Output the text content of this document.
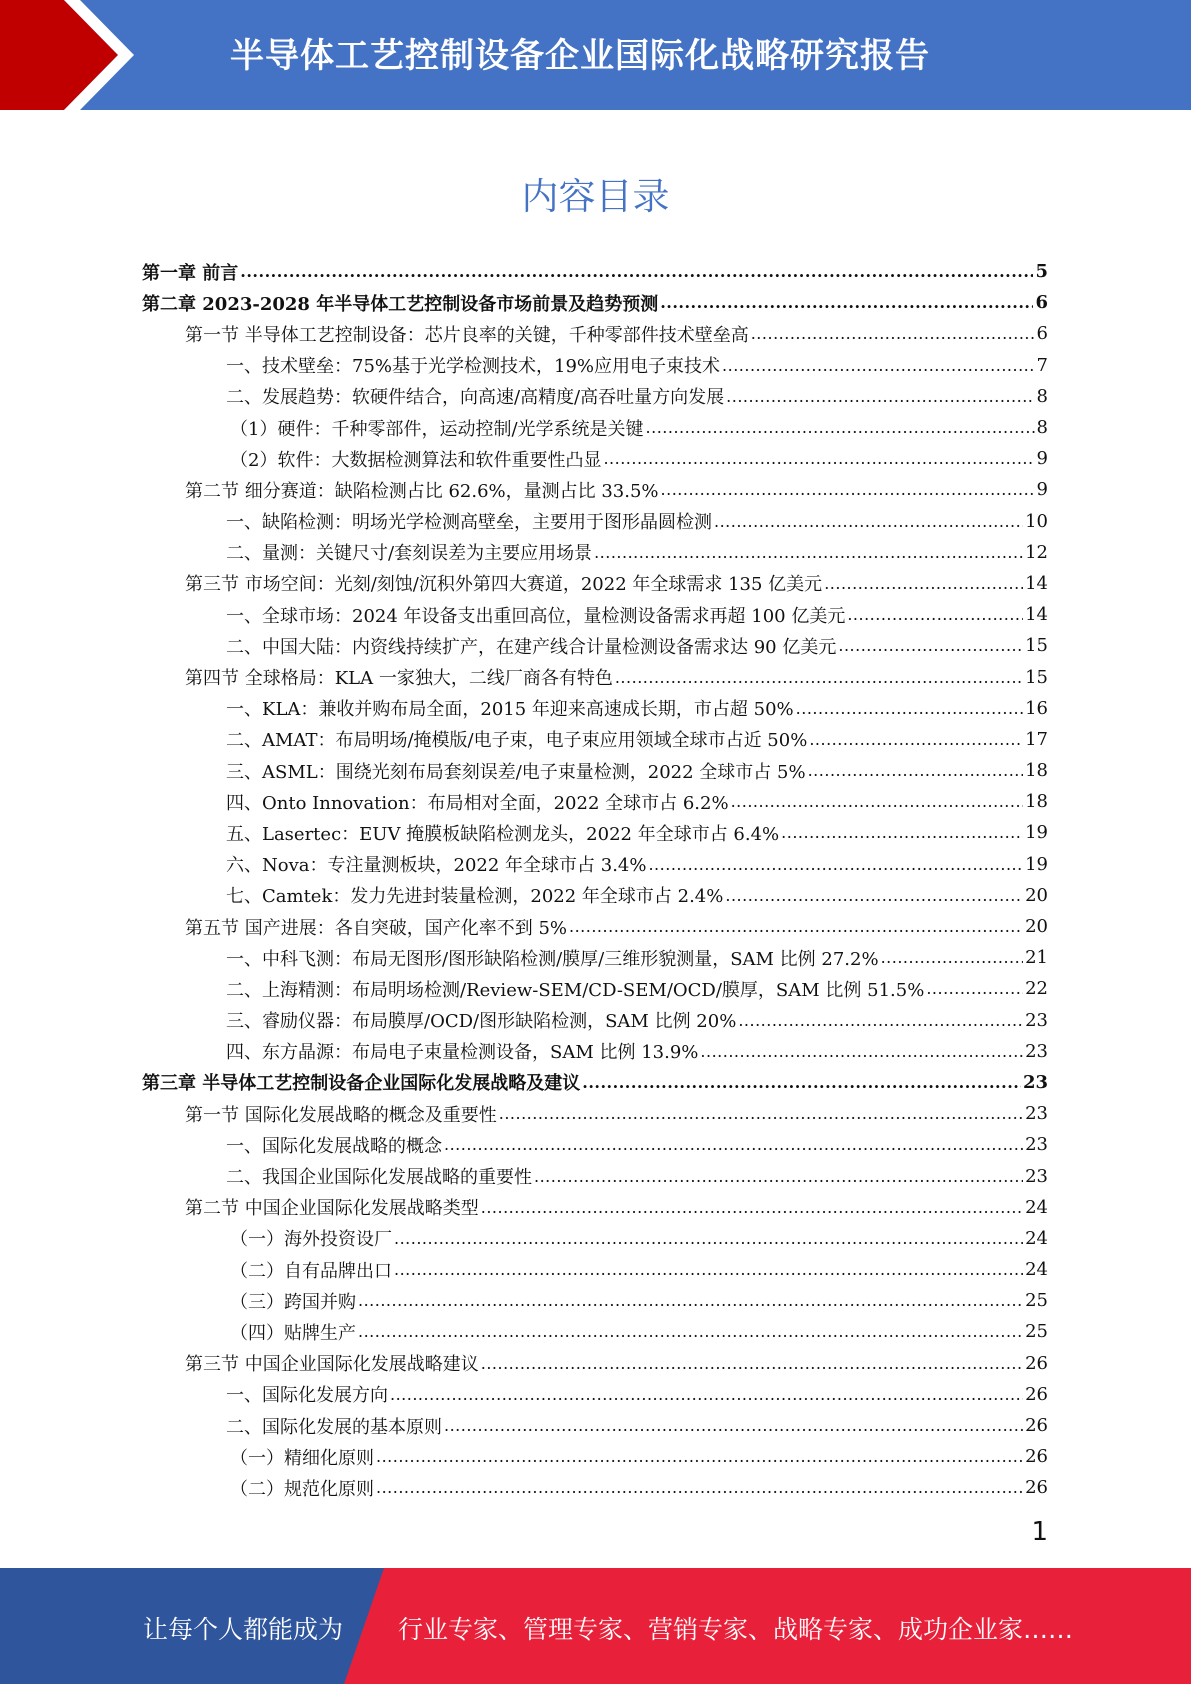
半导体工艺控制设备企业国际化战略研究报告
内容目录
第一章 前言 .....	5
第二章 2023-2028 年半导体工艺控制设备市场前景及趋势预测 .....	6
第一节 半导体工艺控制设备：芯片良率的关键，千种零部件技术壁垒高 .....	6
一、技术壁垒：75%基于光学检测技术，19%应用电子束技术 .....	7
二、发展趋势：软硬件结合，向高速/高精度/高吞吐量方向发展 .....	8
（1）硬件：千种零部件，运动控制/光学系统是关键 .....	8
（2）软件：大数据检测算法和软件重要性凸显 .....	9
第二节 细分赛道：缺陷检测占比 62.6%，量测占比 33.5% .....	9
一、缺陷检测：明场光学检测高壁垒，主要用于图形晶圆检测 .....	10
二、量测：关键尺寸/套刻误差为主要应用场景 .....	12
第三节 市场空间：光刻/刻蚀/沉积外第四大赛道，2022 年全球需求 135 亿美元 .....	14
一、全球市场：2024 年设备支出重回高位，量检测设备需求再超 100 亿美元 .....	14
二、中国大陆：内资线持续扩产，在建产线合计量检测设备需求达 90 亿美元 .....	15
第四节 全球格局：KLA 一家独大，二线厂商各有特色 .....	15
一、KLA：兼收并购布局全面，2015 年迎来高速成长期，市占超 50% .....	16
二、AMAT：布局明场/掩模版/电子束，电子束应用领域全球市占近 50% .....	17
三、ASML：围绕光刻布局套刻误差/电子束量检测，2022 全球市占 5% .....	18
四、Onto Innovation：布局相对全面，2022 全球市占 6.2% .....	18
五、Lasertec：EUV 掩膜板缺陷检测龙头，2022 年全球市占 6.4% .....	19
六、Nova：专注量测板块，2022 年全球市占 3.4% .....	19
七、Camtek：发力先进封装量检测，2022 年全球市占 2.4% .....	20
第五节 国产进展：各自突破，国产化率不到 5% .....	20
一、中科飞测：布局无图形/图形缺陷检测/膜厚/三维形貌测量，SAM 比例 27.2% .....	21
二、上海精测：布局明场检测/Review-SEM/CD-SEM/OCD/膜厚，SAM 比例 51.5% .....	22
三、睿励仪器：布局膜厚/OCD/图形缺陷检测，SAM 比例 20% .....	23
四、东方晶源：布局电子束量检测设备，SAM 比例 13.9% .....	23
第三章 半导体工艺控制设备企业国际化发展战略及建议 .....	23
第一节 国际化发展战略的概念及重要性 .....	23
一、国际化发展战略的概念 .....	23
二、我国企业国际化发展战略的重要性 .....	23
第二节 中国企业国际化发展战略类型 .....	24
（一）海外投资设厂 .....	24
（二）自有品牌出口 .....	24
（三）跨国并购 .....	25
（四）贴牌生产 .....	25
第三节 中国企业国际化发展战略建议 .....	26
一、国际化发展方向 .....	26
二、国际化发展的基本原则 .....	26
（一）精细化原则 .....	26
（二）规范化原则 .....	26
1
让每个人都能成为 行业专家、管理专家、营销专家、战略专家、成功企业家……
